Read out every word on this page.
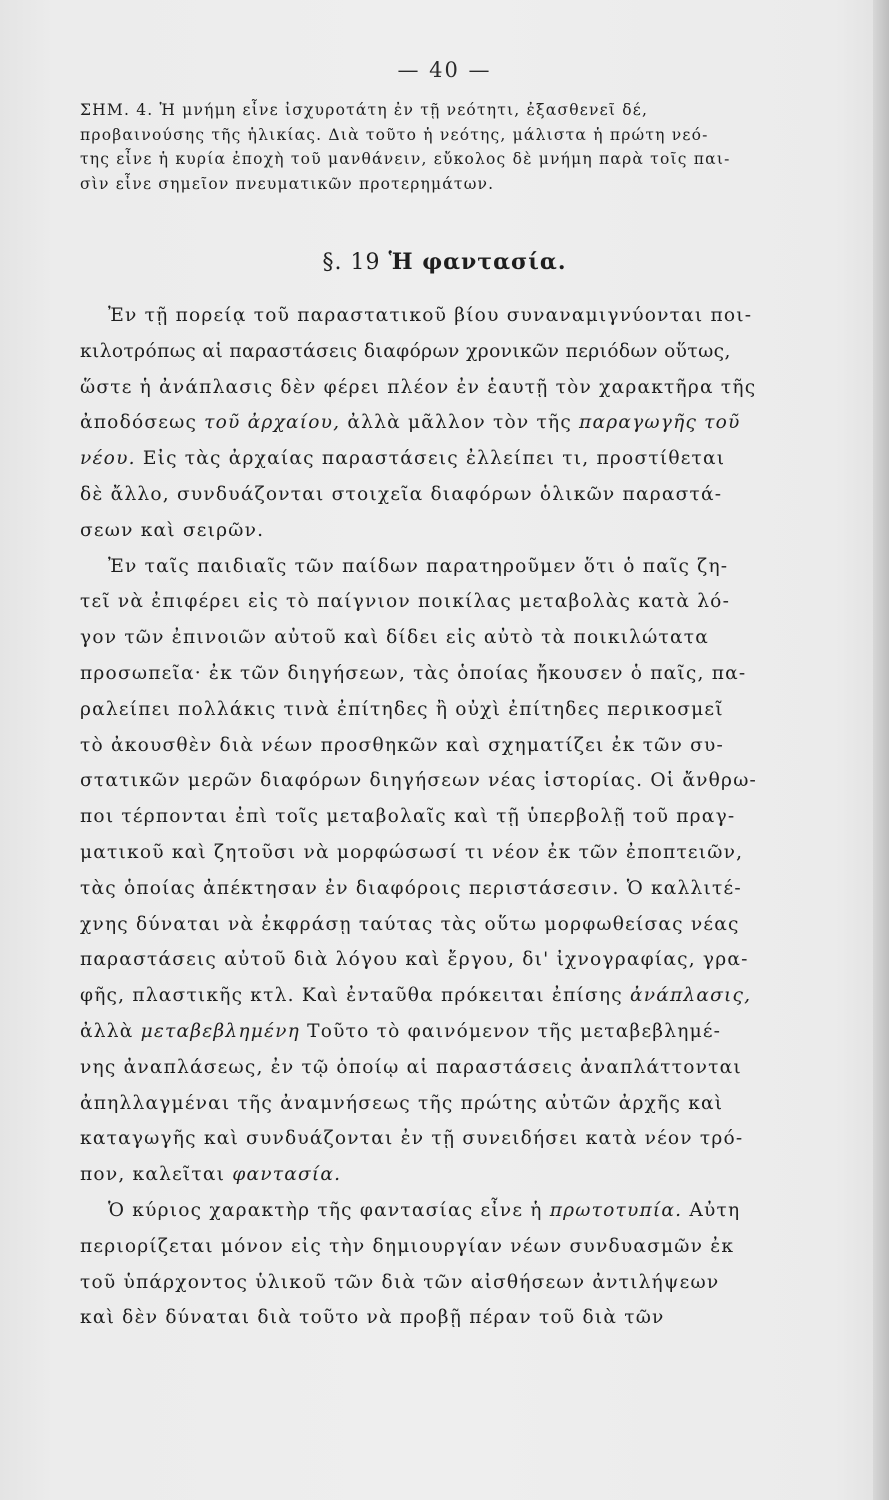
— 40 —
ΣΗΜ. 4. Ἡ μνήμη εἶνε ἰσχυροτάτη ἐν τῇ νεότητι, ἐξασθενεῖ δέ,
προβαινούσης τῆς ἡλικίας. Διὰ τοῦτο ἡ νεότης, μάλιστα ἡ πρώτη νεό-
της εἶνε ἡ κυρία ἐποχὴ τοῦ μανθάνειν, εὔκολος δὲ μνήμη παρὰ τοῖς παι-
σὶν εἶνε σημεῖον πνευματικῶν προτερημάτων.
§. 19 Ἡ φαντασία.
Ἐν τῇ πορείᾳ τοῦ παραστατικοῦ βίου συναναμιγνύονται ποι-
κιλοτρόπως αἱ παραστάσεις διαφόρων χρονικῶν περιόδων οὕτως,
ὥστε ἡ ἀνάπλασις δὲν φέρει πλέον ἐν ἑαυτῇ τὸν χαρακτῆρα τῆς
ἀποδόσεως τοῦ ἀρχαίου, ἀλλὰ μᾶλλον τὸν τῆς παραγωγῆς τοῦ
νέου. Εἰς τὰς ἀρχαίας παραστάσεις ἐλλείπει τι, προστίθεται
δὲ ἄλλο, συνδυάζονται στοιχεῖα διαφόρων ὁλικῶν παραστά-
σεων καὶ σειρῶν.
Ἐν ταῖς παιδιαῖς τῶν παίδων παρατηροῦμεν ὅτι ὁ παῖς ζη-
τεῖ νὰ ἐπιφέρει εἰς τὸ παίγνιον ποικίλας μεταβολὰς κατὰ λό-
γον τῶν ἐπινοιῶν αὐτοῦ καὶ δίδει εἰς αὐτὸ τὰ ποικιλώτατα
προσωπεῖα· ἐκ τῶν διηγήσεων, τὰς ὁποίας ἤκουσεν ὁ παῖς, πα-
ραλείπει πολλάκις τινὰ ἐπίτηδες ἢ οὐχὶ ἐπίτηδες περικοσμεῖ
τὸ ἀκουσθὲν διὰ νέων προσθηκῶν καὶ σχηματίζει ἐκ τῶν συ-
στατικῶν μερῶν διαφόρων διηγήσεων νέας ἱστορίας. Οἱ ἄνθρω-
ποι τέρπονται ἐπὶ τοῖς μεταβολαῖς καὶ τῇ ὑπερβολῇ τοῦ πραγ-
ματικοῦ καὶ ζητοῦσι νὰ μορφώσωσί τι νέον ἐκ τῶν ἐποπτειῶν,
τὰς ὁποίας ἀπέκτησαν ἐν διαφόροις περιστάσεσιν. Ὁ καλλιτέ-
χνης δύναται νὰ ἐκφράσῃ ταύτας τὰς οὕτω μορφωθείσας νέας
παραστάσεις αὐτοῦ διὰ λόγου καὶ ἔργου, δι' ἰχνογραφίας, γρα-
φῆς, πλαστικῆς κτλ. Καὶ ἐνταῦθα πρόκειται ἐπίσης ἀνάπλασις,
ἀλλὰ μεταβεβλημένη Τοῦτο τὸ φαινόμενον τῆς μεταβεβλημέ-
νης ἀναπλάσεως, ἐν τῷ ὁποίῳ αἱ παραστάσεις ἀναπλάττονται
ἀπηλλαγμέναι τῆς ἀναμνήσεως τῆς πρώτης αὐτῶν ἀρχῆς καὶ
καταγωγῆς καὶ συνδυάζονται ἐν τῇ συνειδήσει κατὰ νέον τρό-
πον, καλεῖται φαντασία.
Ὁ κύριος χαρακτὴρ τῆς φαντασίας εἶνε ἡ πρωτοτυπία. Αὐτη
περιορίζεται μόνον εἰς τὴν δημιουργίαν νέων συνδυασμῶν ἐκ
τοῦ ὑπάρχοντος ὑλικοῦ τῶν διὰ τῶν αἰσθήσεων ἀντιλήψεων
καὶ δὲν δύναται διὰ τοῦτο νὰ προβῇ πέραν τοῦ διὰ τῶν
